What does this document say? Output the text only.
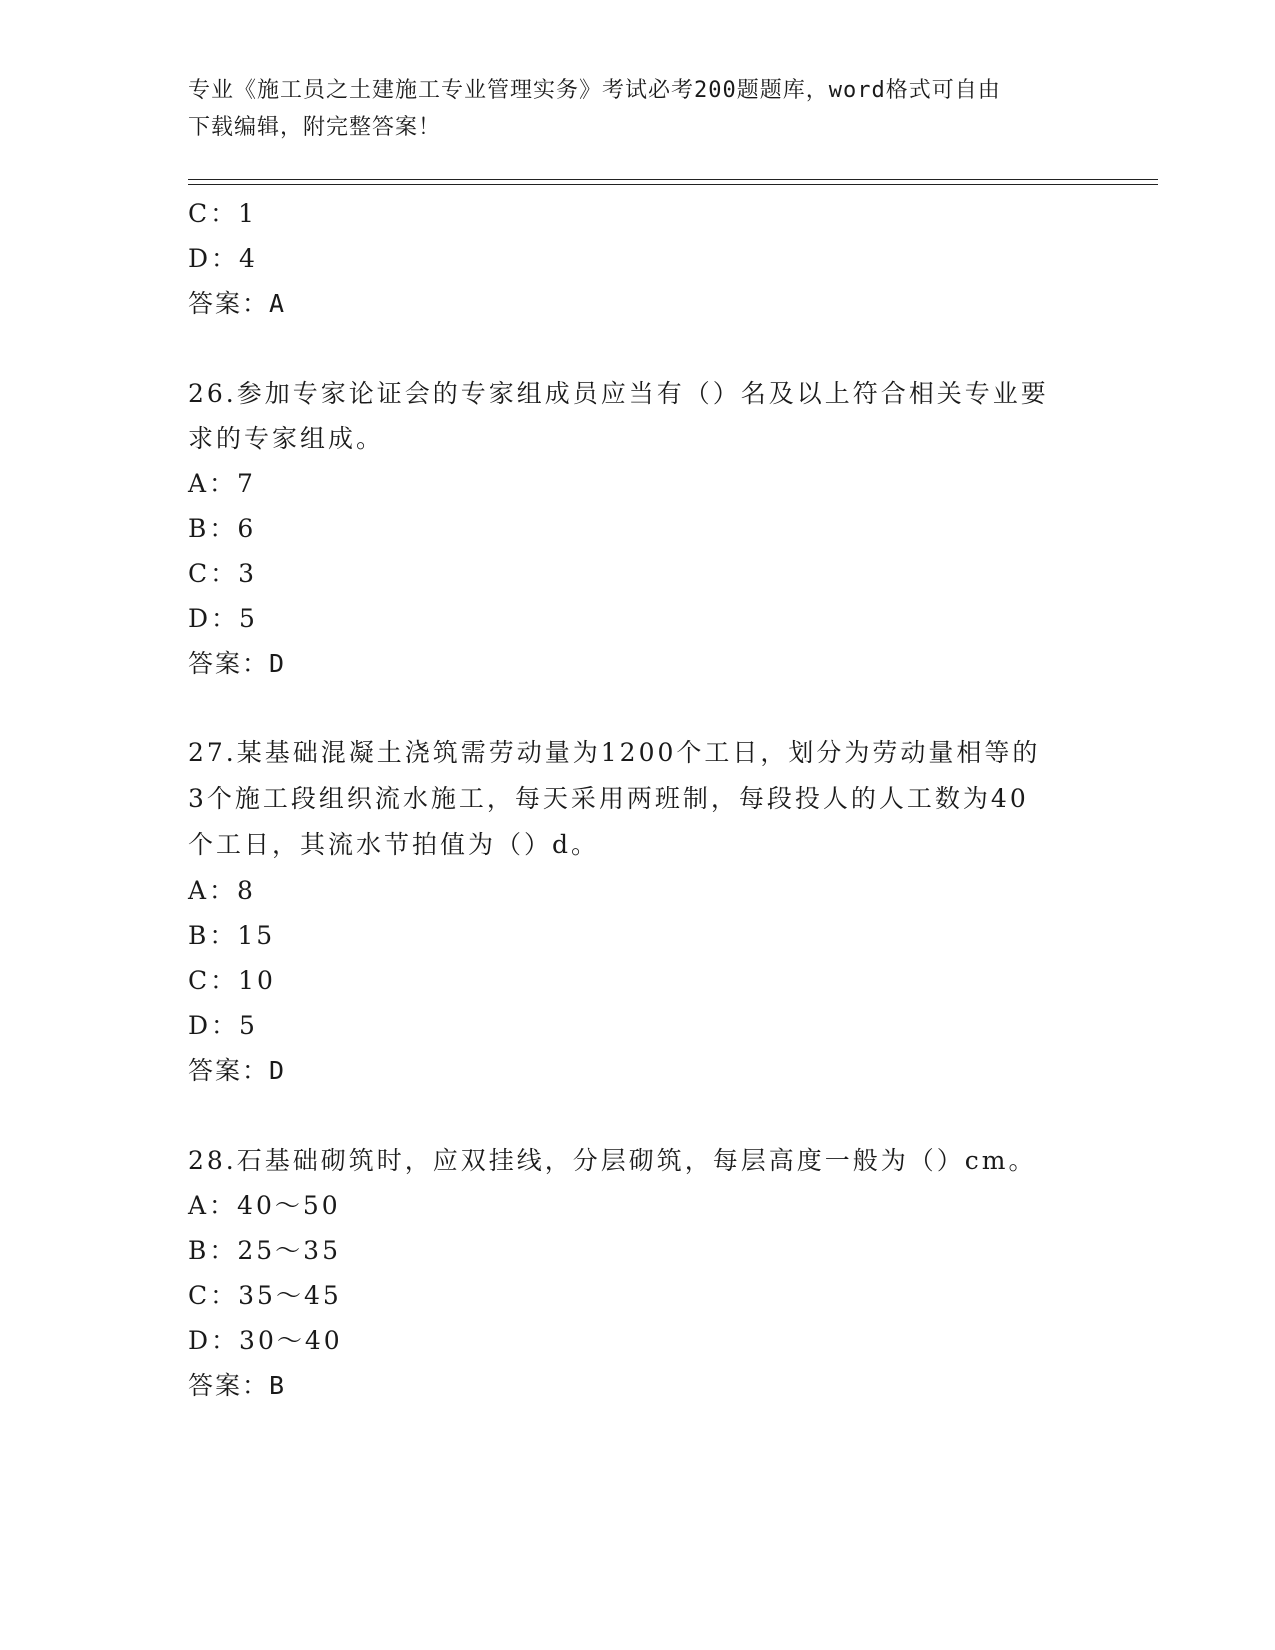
专业《施工员之土建施工专业管理实务》考试必考200题题库，word格式可自由
下载编辑，附完整答案！
C：1
D：4
答案：A
26.参加专家论证会的专家组成员应当有（）名及以上符合相关专业要
求的专家组成。
A：7
B：6
C：3
D：5
答案：D
27.某基础混凝土浇筑需劳动量为1200个工日，划分为劳动量相等的
3个施工段组织流水施工，每天采用两班制，每段投人的人工数为40
个工日，其流水节拍值为（）d。
A：8
B：15
C：10
D：5
答案：D
28.石基础砌筑时，应双挂线，分层砌筑，每层高度一般为（）cm。
A：40～50
B：25～35
C：35～45
D：30～40
答案：B
